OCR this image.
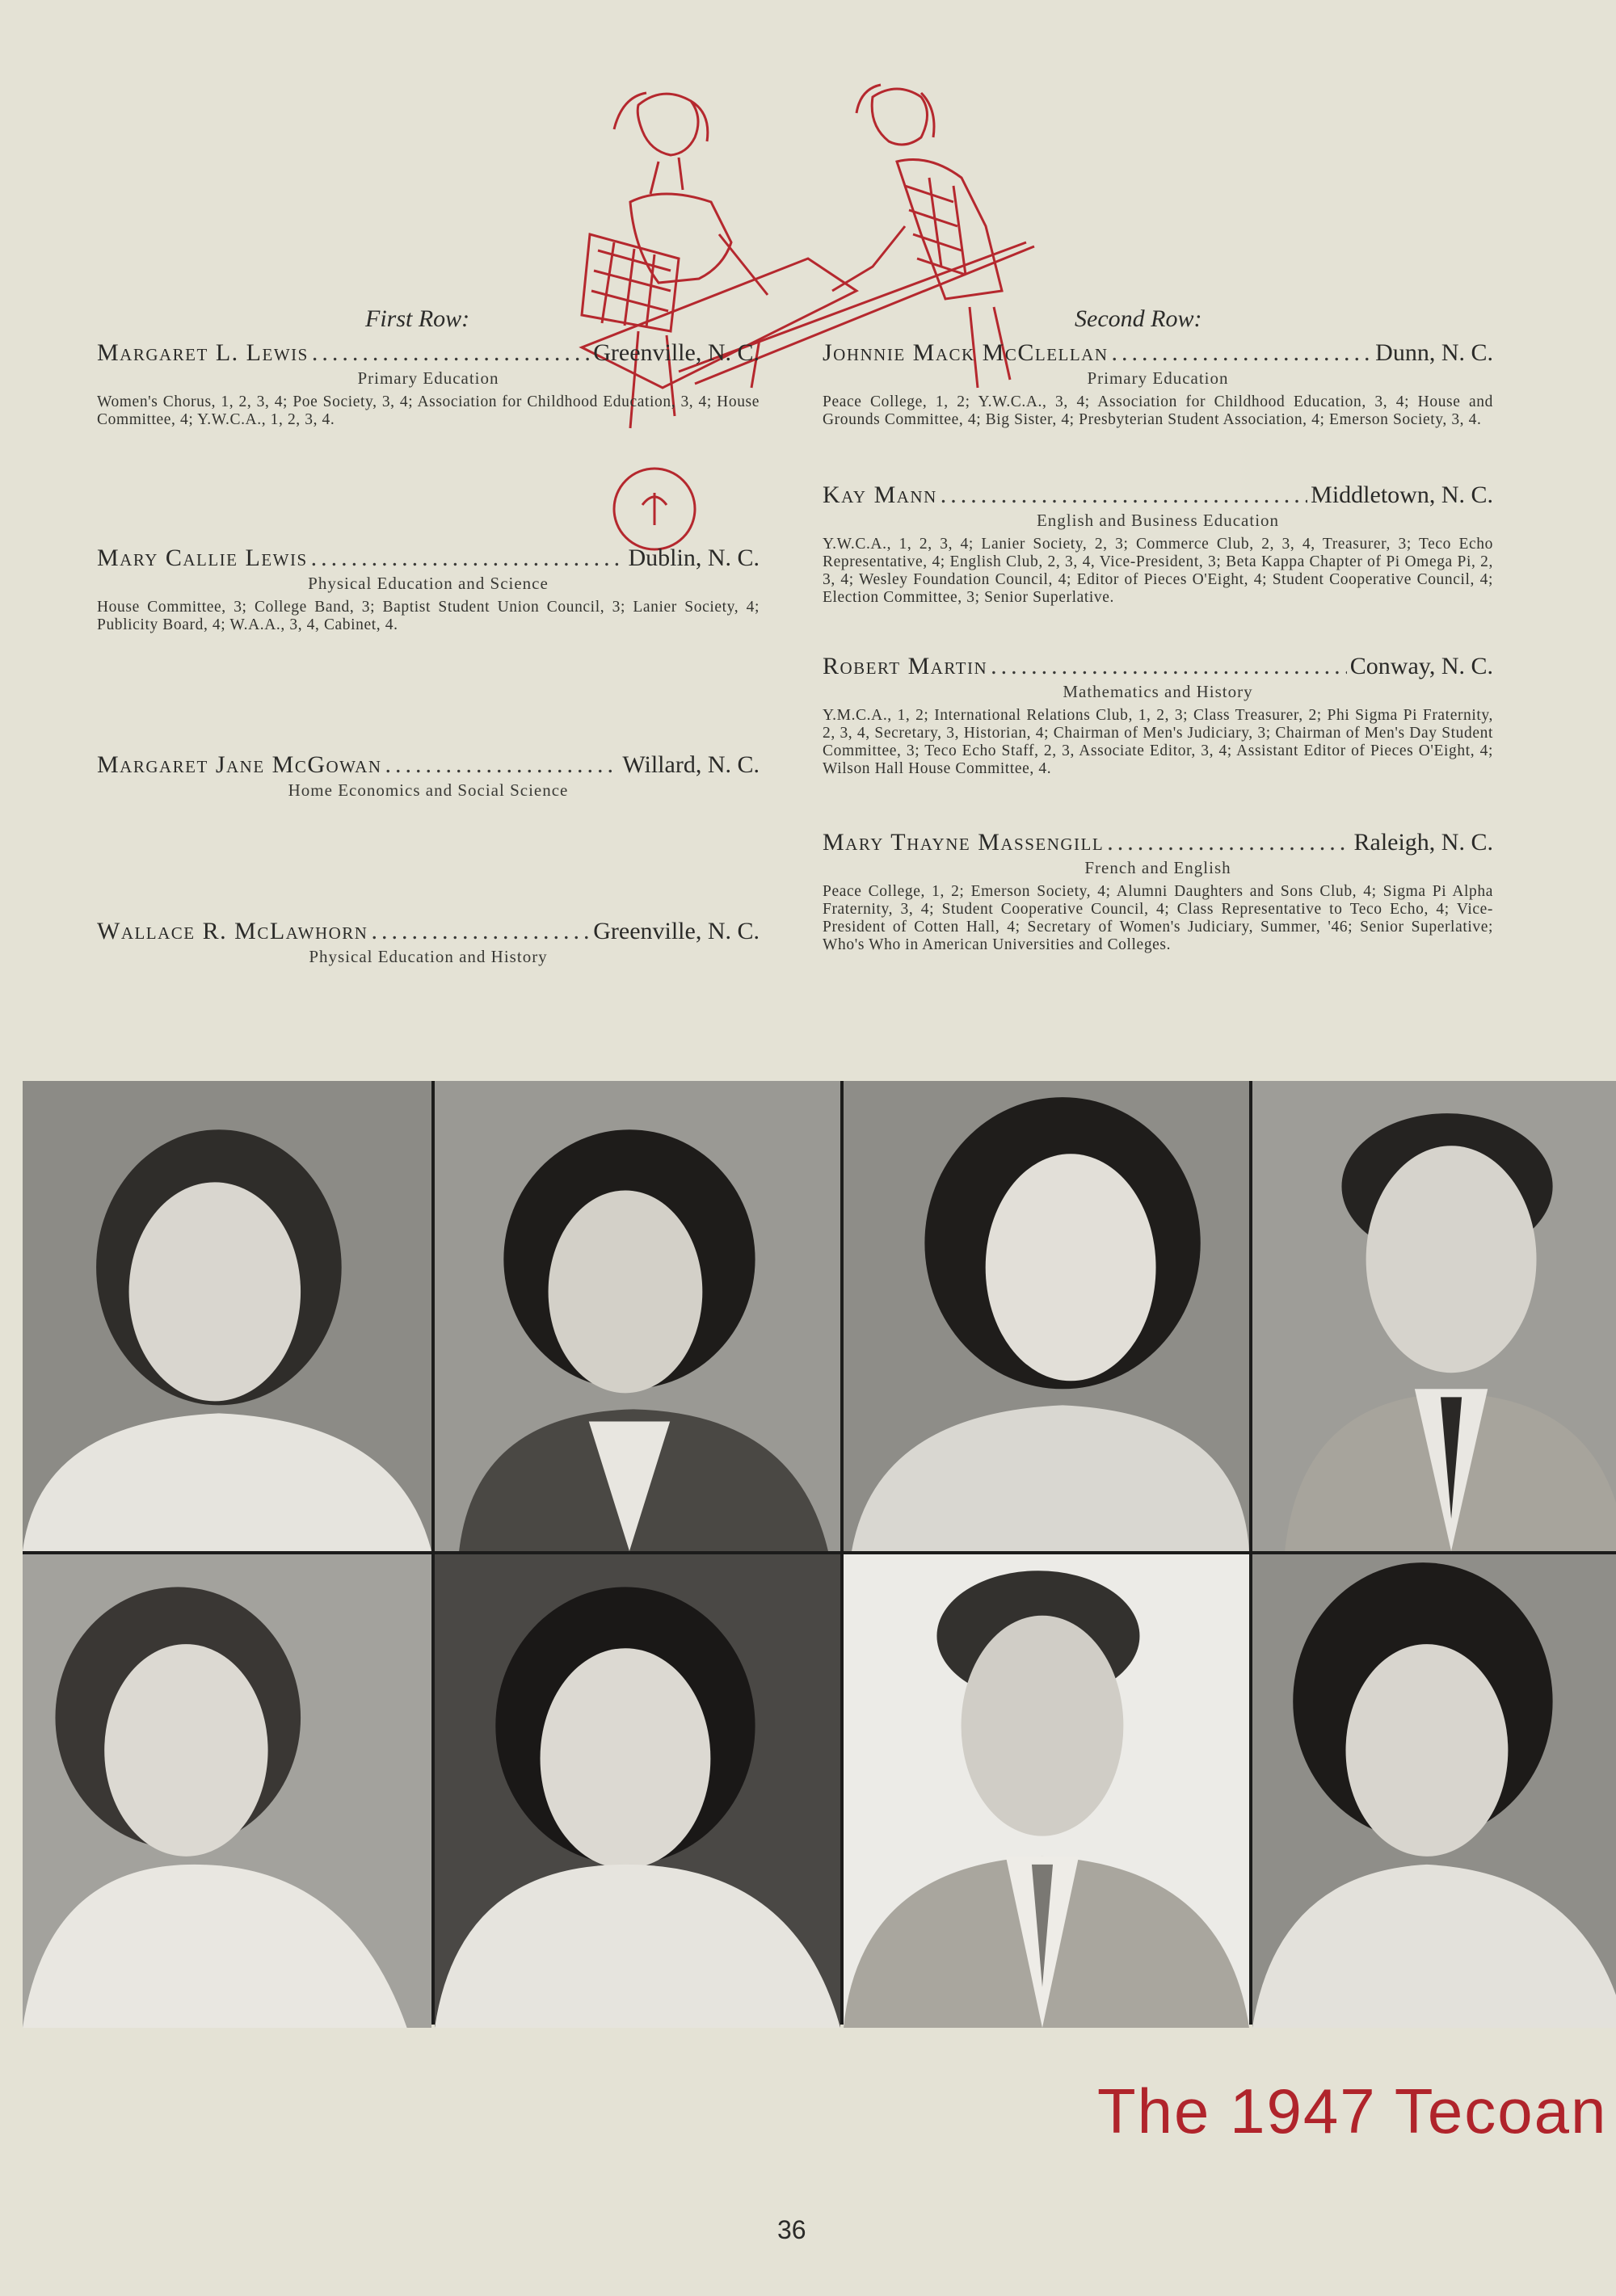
First Row:	Second Row:
Margaret L. Lewis .....	Greenville, N. C.
Primary Education
Women's Chorus, 1, 2, 3, 4; Poe Society, 3, 4; Association for Childhood Education, 3, 4; House Committee, 4; Y.W.C.A., 1, 2, 3, 4.
Mary Callie Lewis .....	Dublin, N. C.
Physical Education and Science
House Committee, 3; College Band, 3; Baptist Student Union Council, 3; Lanier Society, 4; Publicity Board, 4; W.A.A., 3, 4, Cabinet, 4.
Margaret Jane McGowan .....	Willard, N. C.
Home Economics and Social Science
Wallace R. McLawhorn .....	Greenville, N. C.
Physical Education and History
Johnnie Mack McClellan .....	Dunn, N. C.
Primary Education
Peace College, 1, 2; Y.W.C.A., 3, 4; Association for Childhood Education, 3, 4; House and Grounds Committee, 4; Big Sister, 4; Presbyterian Student Association, 4; Emerson Society, 3, 4.
Kay Mann .....	Middletown, N. C.
English and Business Education
Y.W.C.A., 1, 2, 3, 4; Lanier Society, 2, 3; Commerce Club, 2, 3, 4, Treasurer, 3; Teco Echo Representative, 4; English Club, 2, 3, 4, Vice-President, 3; Beta Kappa Chapter of Pi Omega Pi, 2, 3, 4; Wesley Foundation Council, 4; Editor of Pieces O'Eight, 4; Student Cooperative Council, 4; Election Committee, 3; Senior Superlative.
Robert Martin .....	Conway, N. C.
Mathematics and History
Y.M.C.A., 1, 2; International Relations Club, 1, 2, 3; Class Treasurer, 2; Phi Sigma Pi Fraternity, 2, 3, 4, Secretary, 3, Historian, 4; Chairman of Men's Judiciary, 3; Chairman of Men's Day Student Committee, 3; Teco Echo Staff, 2, 3, Associate Editor, 3, 4; Assistant Editor of Pieces O'Eight, 4; Wilson Hall House Committee, 4.
Mary Thayne Massengill .....	Raleigh, N. C.
French and English
Peace College, 1, 2; Emerson Society, 4; Alumni Daughters and Sons Club, 4; Sigma Pi Alpha Fraternity, 3, 4; Student Cooperative Council, 4; Class Representative to Teco Echo, 4; Vice-President of Cotten Hall, 4; Secretary of Women's Judiciary, Summer, '46; Senior Superlative; Who's Who in American Universities and Colleges.
The 1947 Tecoan
36
